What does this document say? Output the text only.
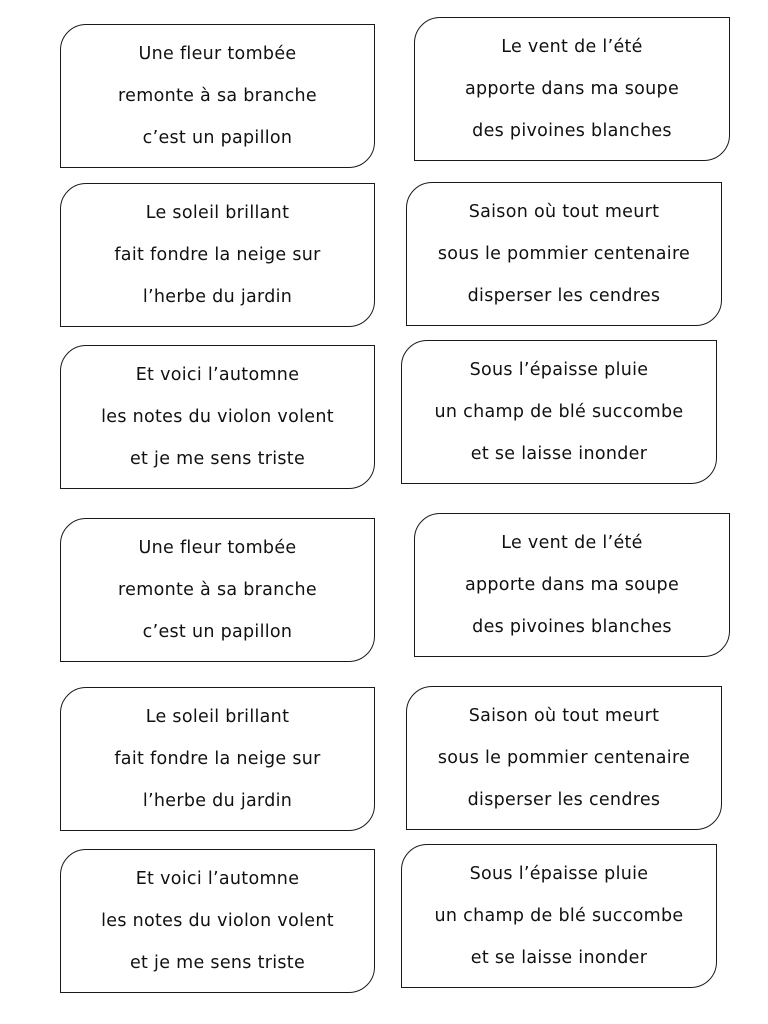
Une fleur tombée
remonte à sa branche
c’est un papillon
Le vent de l’été
apporte dans ma soupe
des pivoines blanches
Le soleil brillant
fait fondre la neige sur
l’herbe du jardin
Saison où tout meurt
sous le pommier centenaire
disperser les cendres
Et voici l’automne
les notes du violon volent
et je me sens triste
Sous l’épaisse pluie
un champ de blé succombe
et se laisse inonder
Une fleur tombée
remonte à sa branche
c’est un papillon
Le vent de l’été
apporte dans ma soupe
des pivoines blanches
Le soleil brillant
fait fondre la neige sur
l’herbe du jardin
Saison où tout meurt
sous le pommier centenaire
disperser les cendres
Et voici l’automne
les notes du violon volent
et je me sens triste
Sous l’épaisse pluie
un champ de blé succombe
et se laisse inonder
